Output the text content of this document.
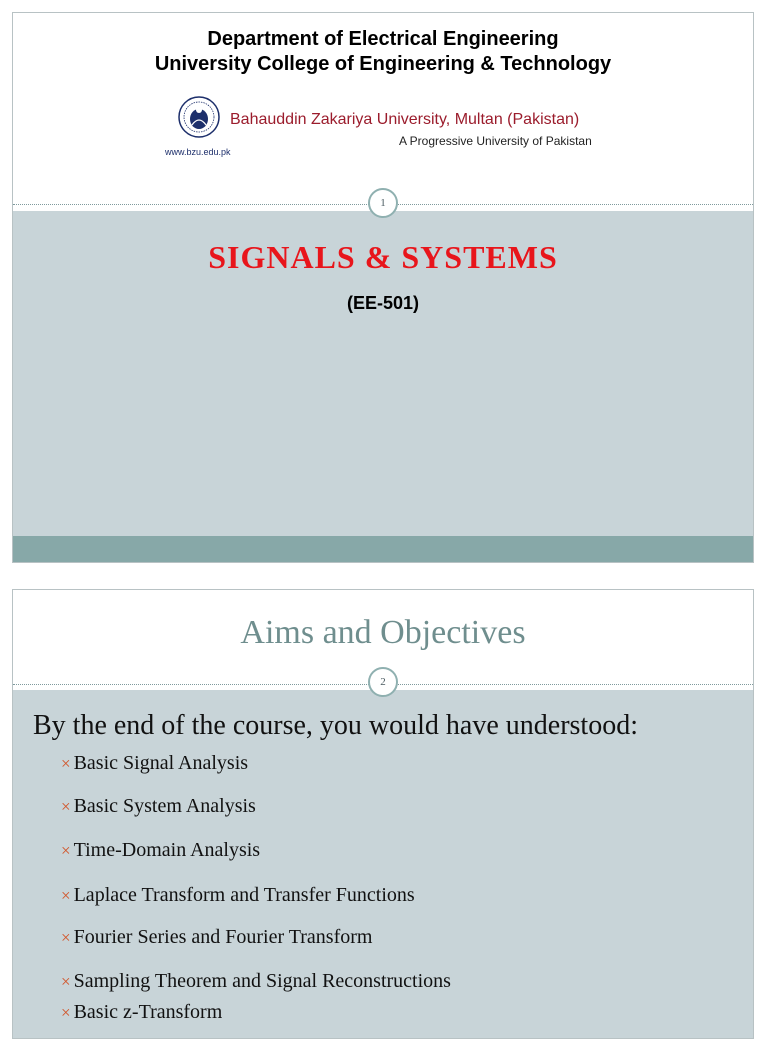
Department of Electrical Engineering
University College of Engineering & Technology
Bahauddin Zakariya University, Multan (Pakistan)
A Progressive University of Pakistan
www.bzu.edu.pk
1
SIGNALS & SYSTEMS
(EE-501)
Aims and Objectives
2
By the end of the course, you would have understood:
× Basic Signal Analysis
× Basic System Analysis
× Time-Domain Analysis
× Laplace Transform and Transfer Functions
× Fourier Series and Fourier Transform
× Sampling Theorem and Signal Reconstructions
× Basic z-Transform
